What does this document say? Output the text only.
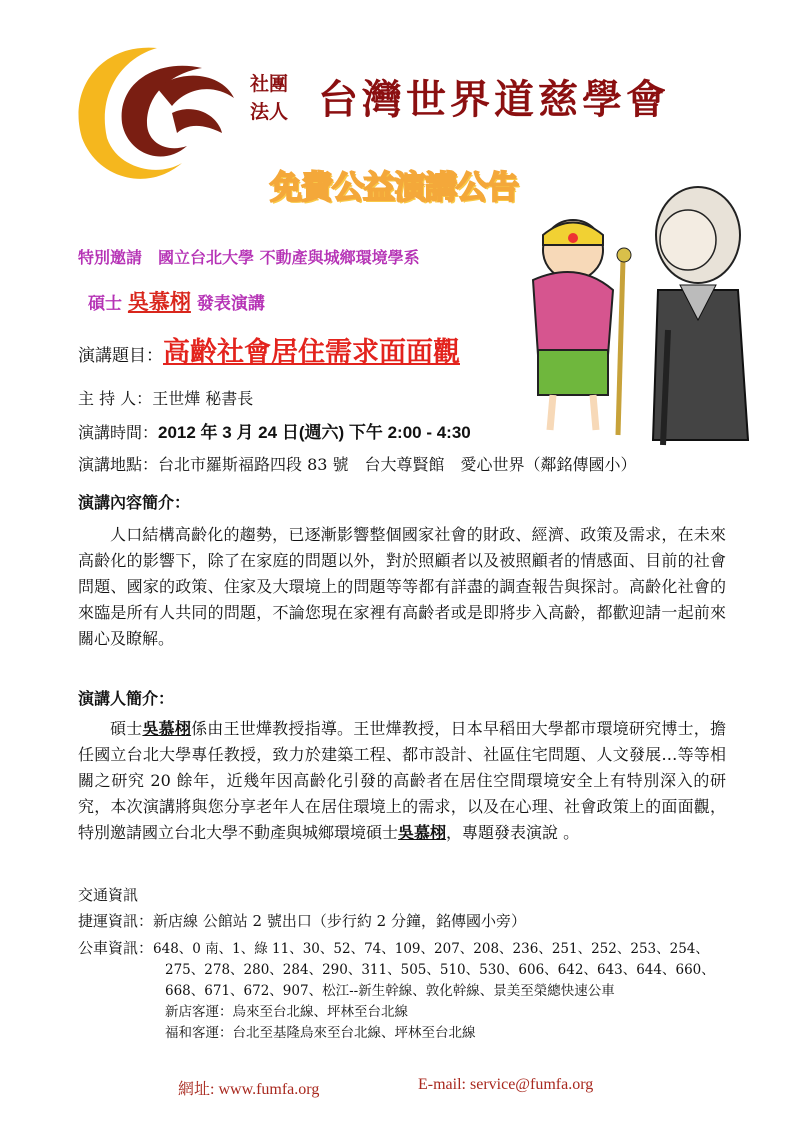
社團
法人 台灣世界道慈學會
免費公益演講公告
特別邀請　國立台北大學 不動產與城鄉環境學系
碩士 吳慕栩 發表演講
演講題目：高齡社會居住需求面面觀
主 持 人：王世燁 秘書長
演講時間：2012 年 3 月 24 日(週六) 下午 2:00 - 4:30
演講地點：台北市羅斯福路四段 83 號　台大尊賢館　愛心世界（鄰銘傳國小）
演講內容簡介：

人口結構高齡化的趨勢，已逐漸影響整個國家社會的財政、經濟、政策及需求，在未來高齡化的影響下，除了在家庭的問題以外，對於照顧者以及被照顧者的情感面、目前的社會問題、國家的政策、住家及大環境上的問題等等都有詳盡的調查報告與探討。高齡化社會的來臨是所有人共同的問題，不論您現在家裡有高齡者或是即將步入高齡，都歡迎請一起前來關心及瞭解。

演講人簡介：

碩士吳慕栩係由王世燁教授指導。王世燁教授，日本早稻田大學都市環境研究博士，擔任國立台北大學專任教授，致力於建築工程、都市設計、社區住宅問題、人文發展…等等相關之研究 20 餘年，近幾年因高齡化引發的高齡者在居住空間環境安全上有特別深入的研究，本次演講將與您分享老年人在居住環境上的需求，以及在心理、社會政策上的面面觀，特別邀請國立台北大學不動產與城鄉環境碩士吳慕栩，專題發表演說 。

交通資訊
捷運資訊：新店線 公館站 2 號出口（步行約 2 分鐘，銘傳國小旁）
公車資訊：648、0 南、1、綠 11、30、52、74、109、207、208、236、251、252、253、254、
275、278、280、284、290、311、505、510、530、606、642、643、644、660、
668、671、672、907、松江--新生幹線、敦化幹線、景美至榮總快速公車
新店客運：烏來至台北線、坪林至台北線
福和客運：台北至基隆烏來至台北線、坪林至台北線
網址: www.fumfa.org	E-mail: service@fumfa.org
